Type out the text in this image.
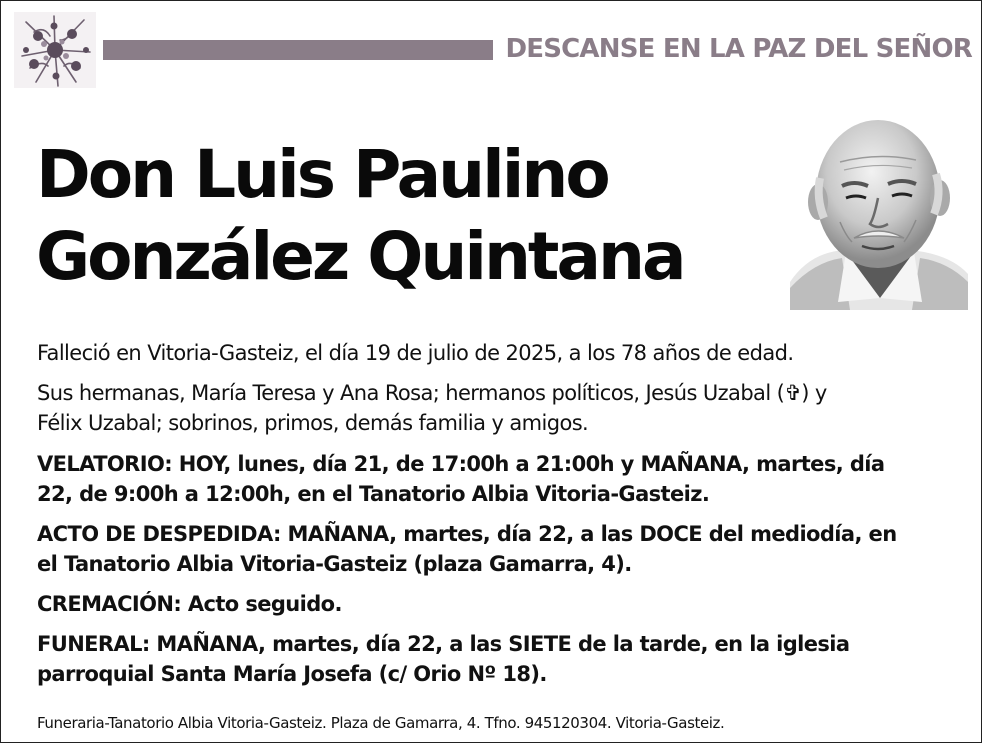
DESCANSE EN LA PAZ DEL SEÑOR
Don Luis Paulino
González Quintana
Falleció en Vitoria-Gasteiz, el día 19 de julio de 2025, a los 78 años de edad.
Sus hermanas, María Teresa y Ana Rosa; hermanos políticos, Jesús Uzabal (✞) y
Félix Uzabal; sobrinos, primos, demás familia y amigos.
VELATORIO: HOY, lunes, día 21, de 17:00h a 21:00h y MAÑANA, martes, día
22, de 9:00h a 12:00h, en el Tanatorio Albia Vitoria-Gasteiz.
ACTO DE DESPEDIDA: MAÑANA, martes, día 22, a las DOCE del mediodía, en
el Tanatorio Albia Vitoria-Gasteiz (plaza Gamarra, 4).
CREMACIÓN: Acto seguido.
FUNERAL: MAÑANA, martes, día 22, a las SIETE de la tarde, en la iglesia
parroquial Santa María Josefa (c/ Orio Nº 18).
Funeraria-Tanatorio Albia Vitoria-Gasteiz. Plaza de Gamarra, 4. Tfno. 945120304. Vitoria-Gasteiz.
